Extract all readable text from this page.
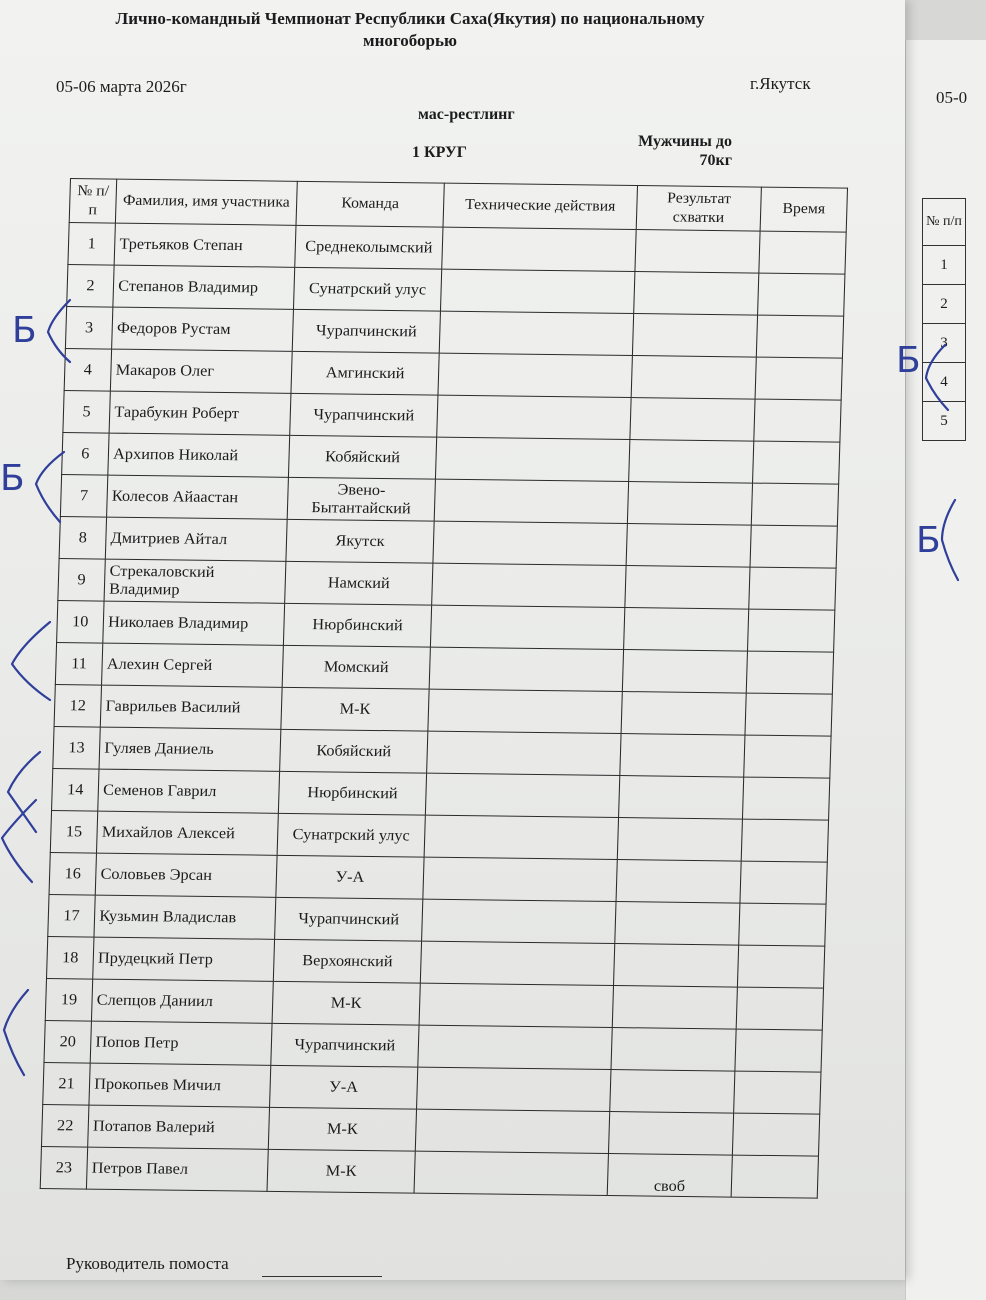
05-0
№ п/п
1
2
3
4
5
Лично-командный Чемпионат Республики Саха(Якутия) по национальному многоборью
05-06 марта 2026г	г.Якутск
мас-рестлинг
1 КРУГ
Мужчины до 70кг
№ п/п	Фамилия, имя участника	Команда	Технические действия	Результат схватки	Время
1	Третьяков Степан	Среднеколымский			
2	Степанов Владимир	Сунатрский улус			
3	Федоров Рустам	Чурапчинский			
4	Макаров Олег	Амгинский			
5	Тарабукин Роберт	Чурапчинский			
6	Архипов Николай	Кобяйский			
7	Колесов Айаастан	Эвено-Бытантайский			
8	Дмитриев Айтал	Якутск			
9	Стрекаловский Владимир	Намский			
10	Николаев Владимир	Нюрбинский			
11	Алехин Сергей	Момский			
12	Гаврильев Василий	М-К			
13	Гуляев Даниель	Кобяйский			
14	Семенов Гаврил	Нюрбинский			
15	Михайлов Алексей	Сунатрский улус			
16	Соловьев Эрсан	У-А			
17	Кузьмин Владислав	Чурапчинский			
18	Прудецкий Петр	Верхоянский			
19	Слепцов Даниил	М-К			
20	Попов Петр	Чурапчинский			
21	Прокопьев Мичил	У-А			
22	Потапов Валерий	М-К			
23	Петров Павел	М-К		своб	
Руководитель помоста
Б
Б
Б
Б
